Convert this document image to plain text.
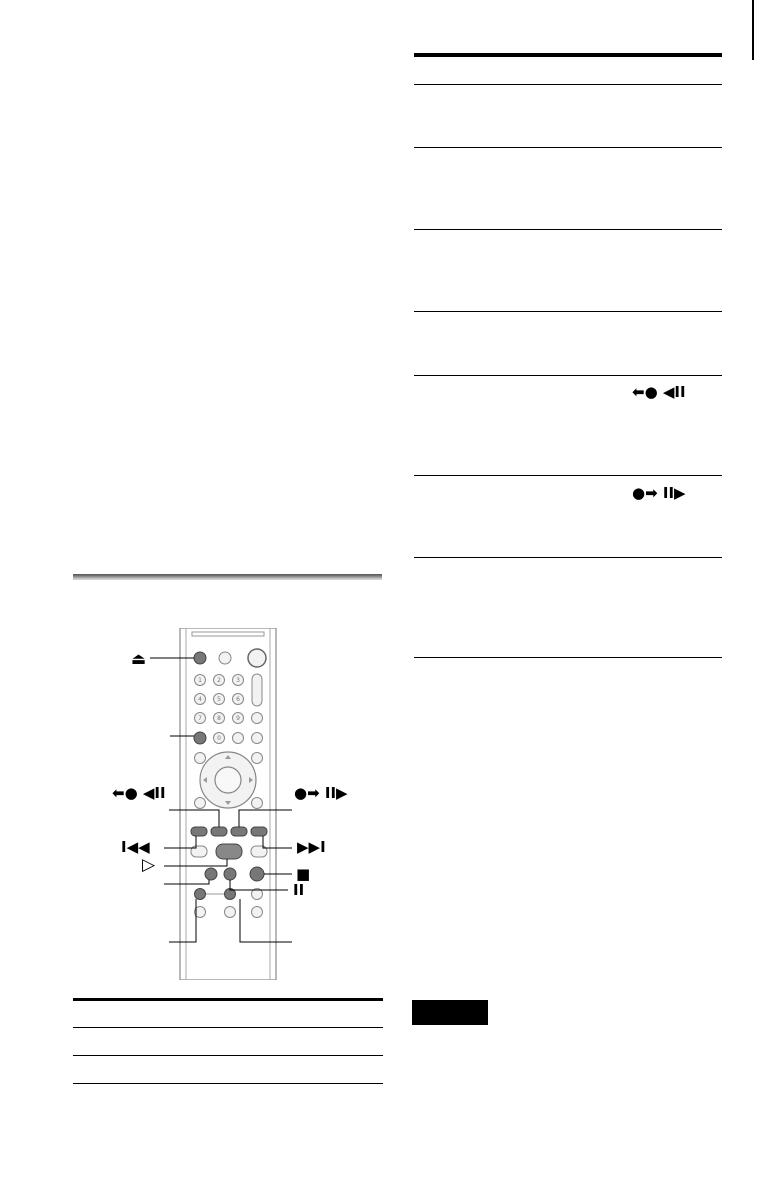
⬅● ◀II
●➡ II▶
1	2	3
4	5	6
7	8	9
0
⏏
⬅● ◀II	●➡ II▶
I◀◀	▶▶I
▷	■
II
